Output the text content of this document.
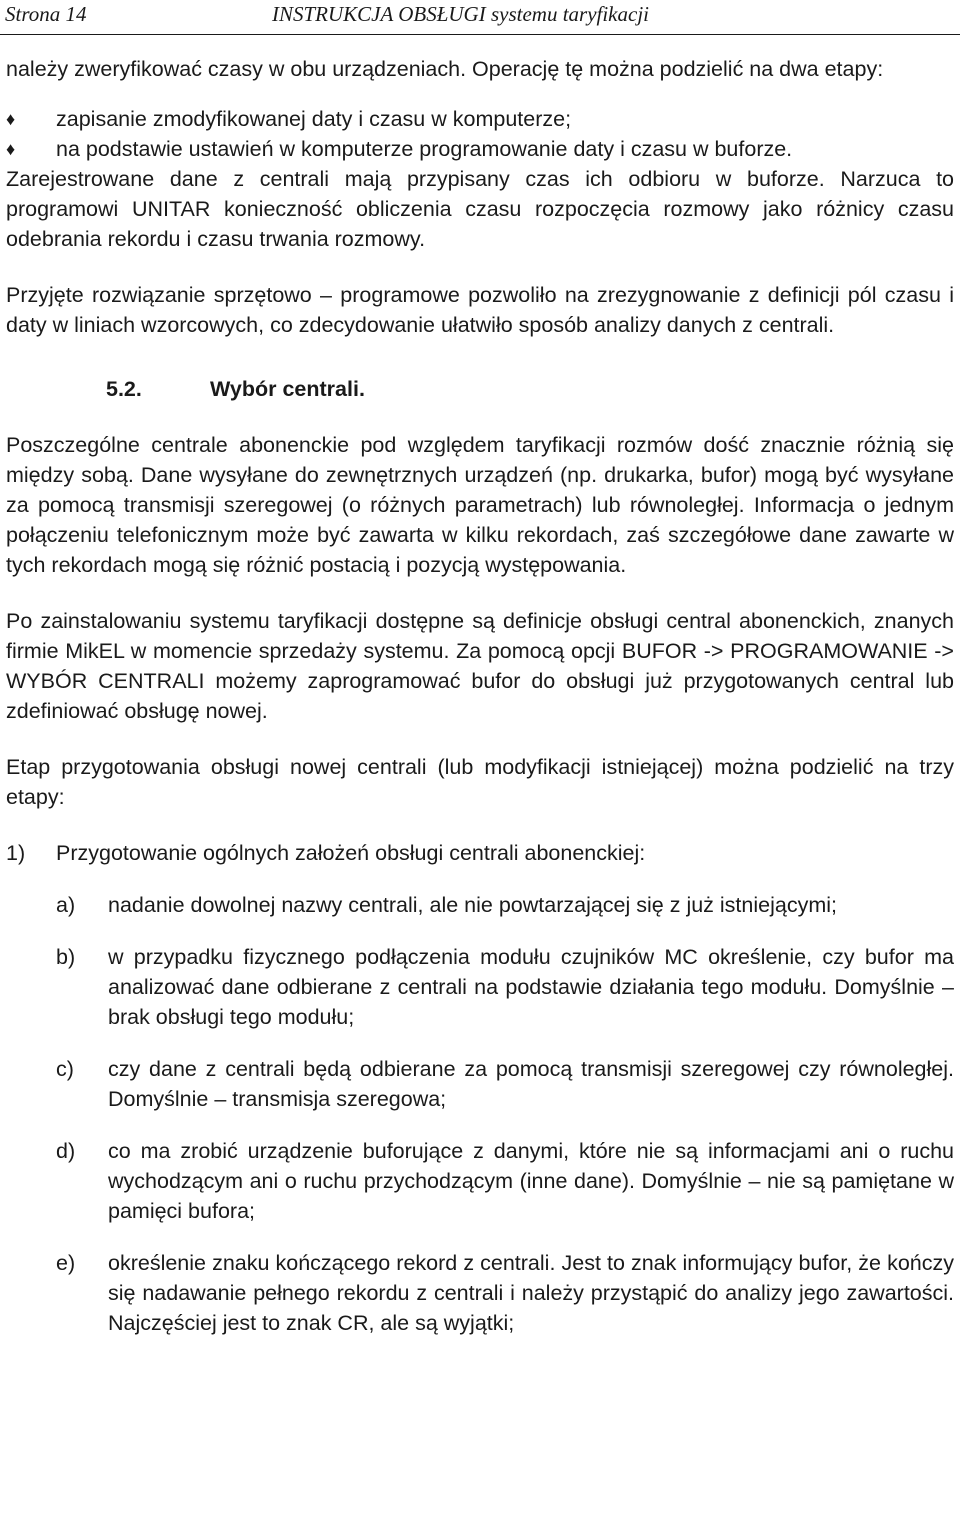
Strona 14	INSTRUKCJA OBSŁUGI systemu taryfikacji

należy zweryfikować czasy w obu urządzeniach. Operację tę można podzielić na dwa etapy:

♦ zapisanie zmodyfikowanej daty i czasu w komputerze;
♦ na podstawie ustawień w komputerze programowanie daty i czasu w buforze.

Zarejestrowane dane z centrali mają przypisany czas ich odbioru w buforze. Narzuca to programowi UNITAR konieczność obliczenia czasu rozpoczęcia rozmowy jako różnicy czasu odebrania rekordu i czasu trwania rozmowy.

Przyjęte rozwiązanie sprzętowo – programowe pozwoliło na zrezygnowanie z definicji pól czasu i daty w liniach wzorcowych, co zdecydowanie ułatwiło sposób analizy danych z centrali.

5.2.	Wybór centrali.

Poszczególne centrale abonenckie pod względem taryfikacji rozmów dość znacznie różnią się między sobą. Dane wysyłane do zewnętrznych urządzeń (np. drukarka, bufor) mogą być wysyłane za pomocą transmisji szeregowej (o różnych parametrach) lub równoległej. Informacja o jednym połączeniu telefonicznym może być zawarta w kilku rekordach, zaś szczegółowe dane zawarte w tych rekordach mogą się różnić postacią i pozycją występowania.

Po zainstalowaniu systemu taryfikacji dostępne są definicje obsługi central abonenckich, znanych firmie MikEL w momencie sprzedaży systemu. Za pomocą opcji BUFOR -> PROGRAMOWANIE -> WYBÓR CENTRALI możemy zaprogramować bufor do obsługi już przygotowanych central lub zdefiniować obsługę nowej.

Etap przygotowania obsługi nowej centrali (lub modyfikacji istniejącej) można podzielić na trzy etapy:

1)	Przygotowanie ogólnych założeń obsługi centrali abonenckiej:
a)	nadanie dowolnej nazwy centrali, ale nie powtarzającej się z już istniejącymi;
b)	w przypadku fizycznego podłączenia modułu czujników MC określenie, czy bufor ma analizować dane odbierane z centrali na podstawie działania tego modułu. Domyślnie – brak obsługi tego modułu;
c)	czy dane z centrali będą odbierane za pomocą transmisji szeregowej czy równoległej. Domyślnie – transmisja szeregowa;
d)	co ma zrobić urządzenie buforujące z danymi, które nie są informacjami ani o ruchu wychodzącym ani o ruchu przychodzącym (inne dane). Domyślnie – nie są pamiętane w pamięci bufora;
e)	określenie znaku kończącego rekord z centrali. Jest to znak informujący bufor, że kończy się nadawanie pełnego rekordu z centrali i należy przystąpić do analizy jego zawartości. Najczęściej jest to znak CR, ale są wyjątki;
